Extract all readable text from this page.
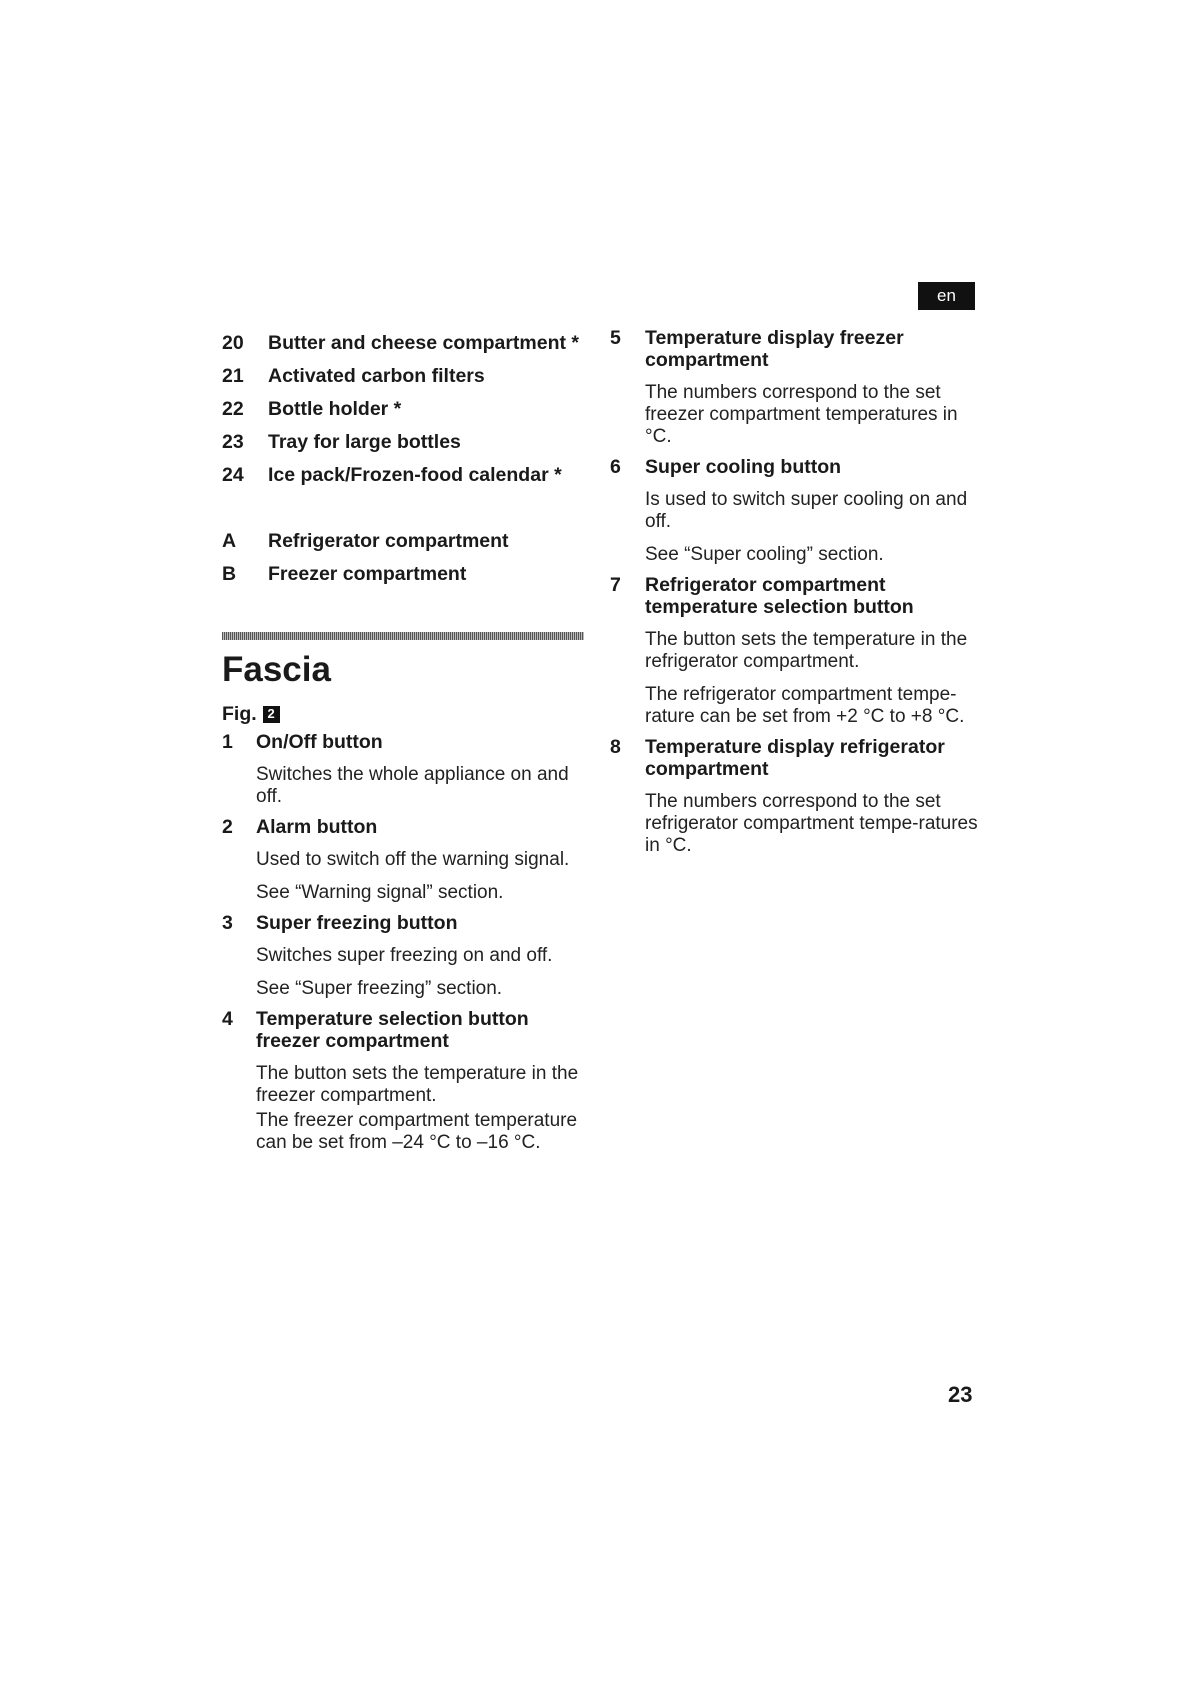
en
20	Butter and cheese compartment *
21	Activated carbon filters
22	Bottle holder *
23	Tray for large bottles
24	Ice pack/Frozen-food calendar *
A	Refrigerator compartment
B	Freezer compartment
Fascia
Fig. 2
1	On/Off button
Switches the whole appliance on and off.
2	Alarm button
Used to switch off the warning signal.
See “Warning signal” section.
3	Super freezing button
Switches super freezing on and off.
See “Super freezing” section.
4	Temperature selection button freezer compartment
The button sets the temperature in the freezer compartment.
The freezer compartment temperature can be set from –24 °C to –16 °C.
5	Temperature display freezer compartment
The numbers correspond to the set freezer compartment temperatures in °C.
6	Super cooling button
Is used to switch super cooling on and off.
See “Super cooling” section.
7	Refrigerator compartment temperature selection button
The button sets the temperature in the refrigerator compartment.
The refrigerator compartment tempe-rature can be set from +2 °C to +8 °C.
8	Temperature display refrigerator compartment
The numbers correspond to the set refrigerator compartment tempe-ratures in °C.
23
